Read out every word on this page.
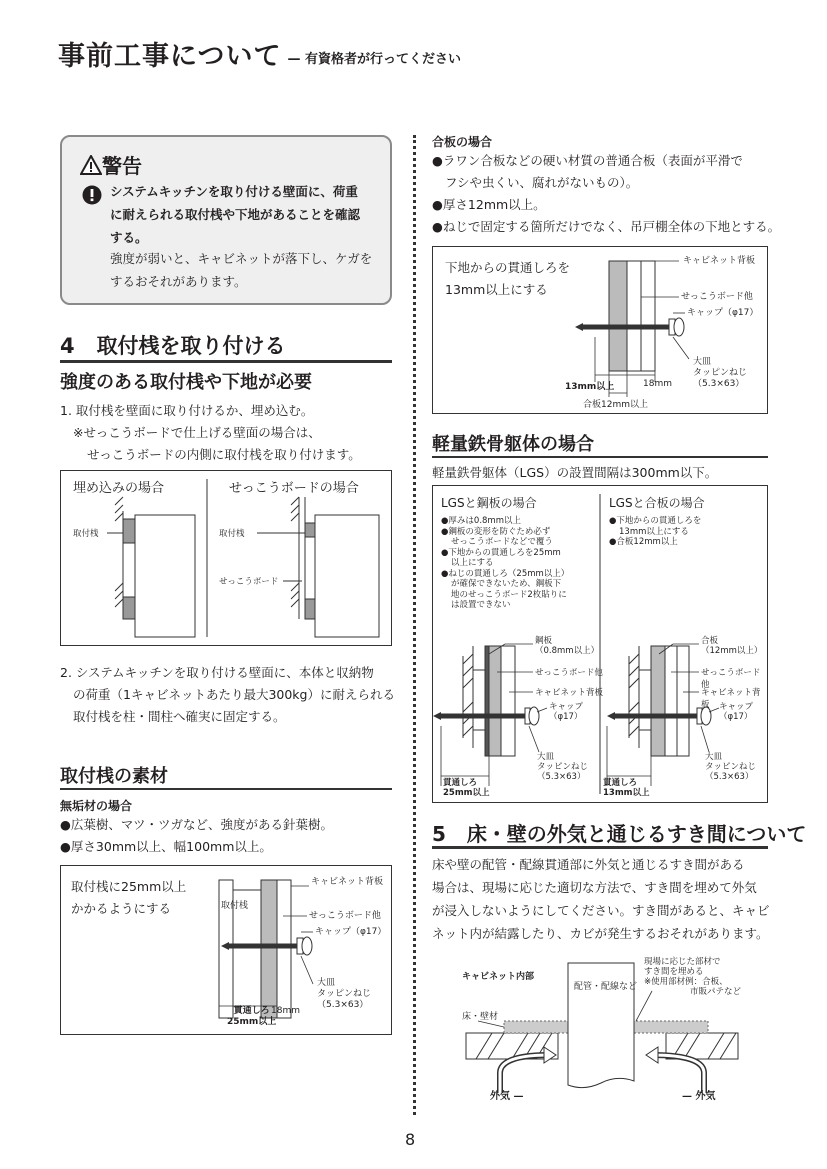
事前工事について — 有資格者が行ってください
警告
システムキッチンを取り付ける壁面に、荷重
に耐えられる取付桟や下地があることを確認
する。
強度が弱いと、キャビネットが落下し、ケガを
するおそれがあります。
4 取付桟を取り付ける
強度のある取付桟や下地が必要
1. 取付桟を壁面に取り付けるか、埋め込む。
※せっこうボードで仕上げる壁面の場合は、
せっこうボードの内側に取付桟を取り付けます。
埋め込みの場合	せっこうボードの場合
取付桟	取付桟
せっこうボード
2. システムキッチンを取り付ける壁面に、本体と収納物
の荷重（1キャビネットあたり最大300kg）に耐えられる
取付桟を柱・間柱へ確実に固定する。
取付桟の素材
無垢材の場合
●広葉樹、マツ・ツガなど、強度がある針葉樹。
●厚さ30mm以上、幅100mm以上。
取付桟に25mm以上
かかるようにする	取付桟
キャビネット背板
せっこうボード他
キャップ（φ17）
大皿
タッピンねじ
（5.3×63）
貫通しろ
25mm以上
18mm
合板の場合
●ラワン合板などの硬い材質の普通合板（表面が平滑で
フシや虫くい、腐れがないもの）。
●厚さ12mm以上。
●ねじで固定する箇所だけでなく、吊戸棚全体の下地とする。
下地からの貫通しろを
13mm以上にする
キャビネット背板
せっこうボード他
キャップ（φ17）
大皿
タッピンねじ
（5.3×63）
13mm以上	18mm
合板12mm以上
軽量鉄骨躯体の場合
軽量鉄骨躯体（LGS）の設置間隔は300mm以下。
LGSと鋼板の場合	LGSと合板の場合
●厚みは0.8mm以上
●鋼板の変形を防ぐため必ず
せっこうボードなどで覆う
●下地からの貫通しろを25mm
以上にする
●ねじの貫通しろ（25mm以上）
が確保できないため、鋼板下
地のせっこうボード2枚貼りに
は設置できない
●下地からの貫通しろを
13mm以上にする
●合板12mm以上
鋼板
（0.8mm以上）
せっこうボード他
キャビネット背板
キャップ
（φ17）
大皿
タッピンねじ
（5.3×63）
貫通しろ
25mm以上
合板
（12mm以上）
せっこうボード他
キャビネット背板	キャップ
（φ17）
大皿
タッピンねじ
（5.3×63）
貫通しろ
13mm以上
5 床・壁の外気と通じるすき間について
床や壁の配管・配線貫通部に外気と通じるすき間がある
場合は、現場に応じた適切な方法で、すき間を埋めて外気
が浸入しないようにしてください。すき間があると、キャビ
ネット内が結露したり、カビが発生するおそれがあります。
キャビネット内部
床・壁材
配管・配線など
現場に応じた部材で
すき間を埋める
※使用部材例：合板、
市販パテなど
外気 —	— 外気
8
